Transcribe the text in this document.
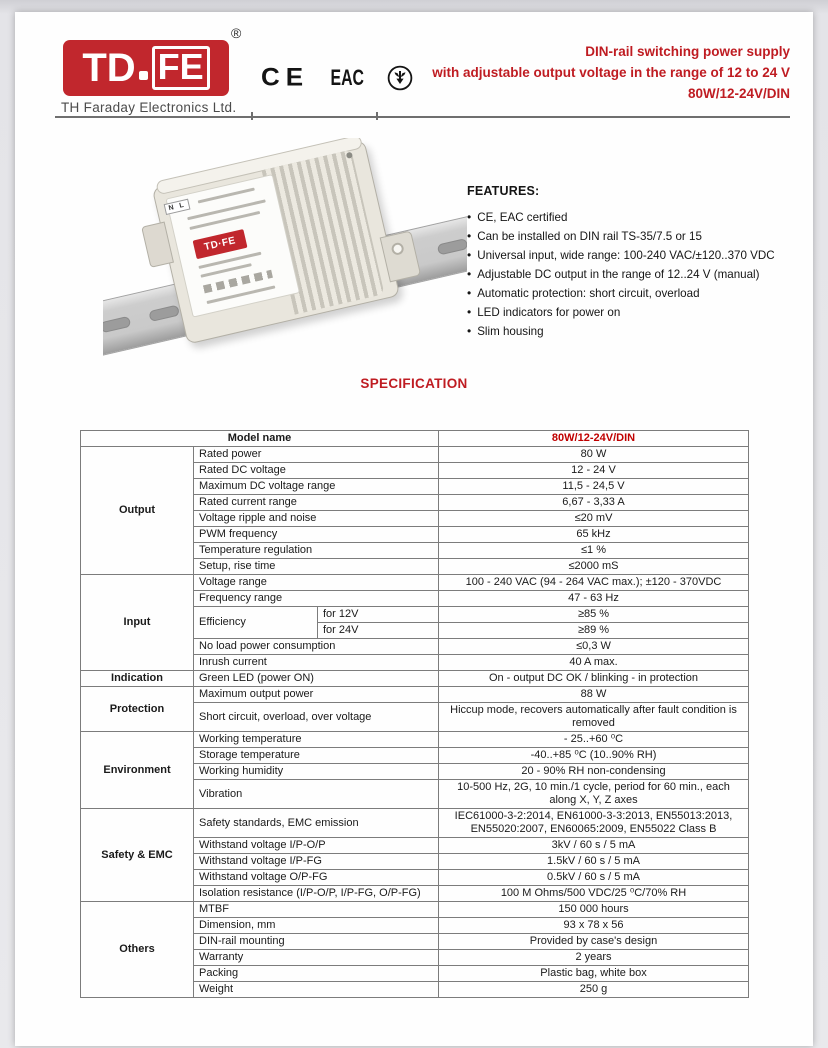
TD FE
®
TH Faraday Electronics Ltd.
CE EAC
DIN-rail switching power supply
with adjustable output voltage in the range of 12 to 24 V
80W/12-24V/DIN
N L
TD·FE
FEATURES:
• CE, EAC certified
• Can be installed on DIN rail TS-35/7.5 or 15
• Universal input, wide range: 100-240 VAC/±120..370 VDC
• Adjustable DC output in the range of 12..24 V (manual)
• Automatic protection: short circuit, overload
• LED indicators for power on
• Slim housing
SPECIFICATION
Model name			80W/12-24V/DIN
Output	Rated power		80 W
	Rated DC voltage		12 - 24 V
	Maximum DC voltage range		11,5 - 24,5 V
	Rated current range		6,67 - 3,33 A
	Voltage ripple and noise		≤20 mV
	PWM frequency		65 kHz
	Temperature regulation		≤1 %
	Setup, rise time		≤2000 mS
Input	Voltage range		100 - 240 VAC (94 - 264 VAC max.); ±120 - 370VDC
	Frequency range		47 - 63 Hz
	Efficiency	for 12V	≥85 %
		for 24V	≥89 %
	No load power consumption		≤0,3 W
	Inrush current		40 A max.
Indication	Green LED (power ON)		On - output DC OK / blinking - in protection
Protection	Maximum output power		88 W
	Short circuit, overload, over voltage		Hiccup mode, recovers automatically after fault condition is removed
Environment	Working temperature		- 25..+60 ⁰C
	Storage temperature		-40..+85 ⁰C (10..90% RH)
	Working humidity		20 - 90% RH non-condensing
	Vibration		10-500 Hz, 2G, 10 min./1 cycle, period for 60 min., each along X, Y, Z axes
Safety & EMC	Safety standards, EMC emission		IEC61000-3-2:2014, EN61000-3-3:2013, EN55013:2013, EN55020:2007, EN60065:2009, EN55022 Class B
	Withstand voltage I/P-O/P		3kV / 60 s / 5 mA
	Withstand voltage I/P-FG		1.5kV / 60 s / 5 mA
	Withstand voltage O/P-FG		0.5kV / 60 s / 5 mA
	Isolation resistance (I/P-O/P, I/P-FG, O/P-FG)		100 M Ohms/500 VDC/25 ⁰C/70% RH
Others	MTBF		150 000 hours
	Dimension, mm		93 x 78 x 56
	DIN-rail mounting		Provided by case's design
	Warranty		2 years
	Packing		Plastic bag, white box
	Weight		250 g
